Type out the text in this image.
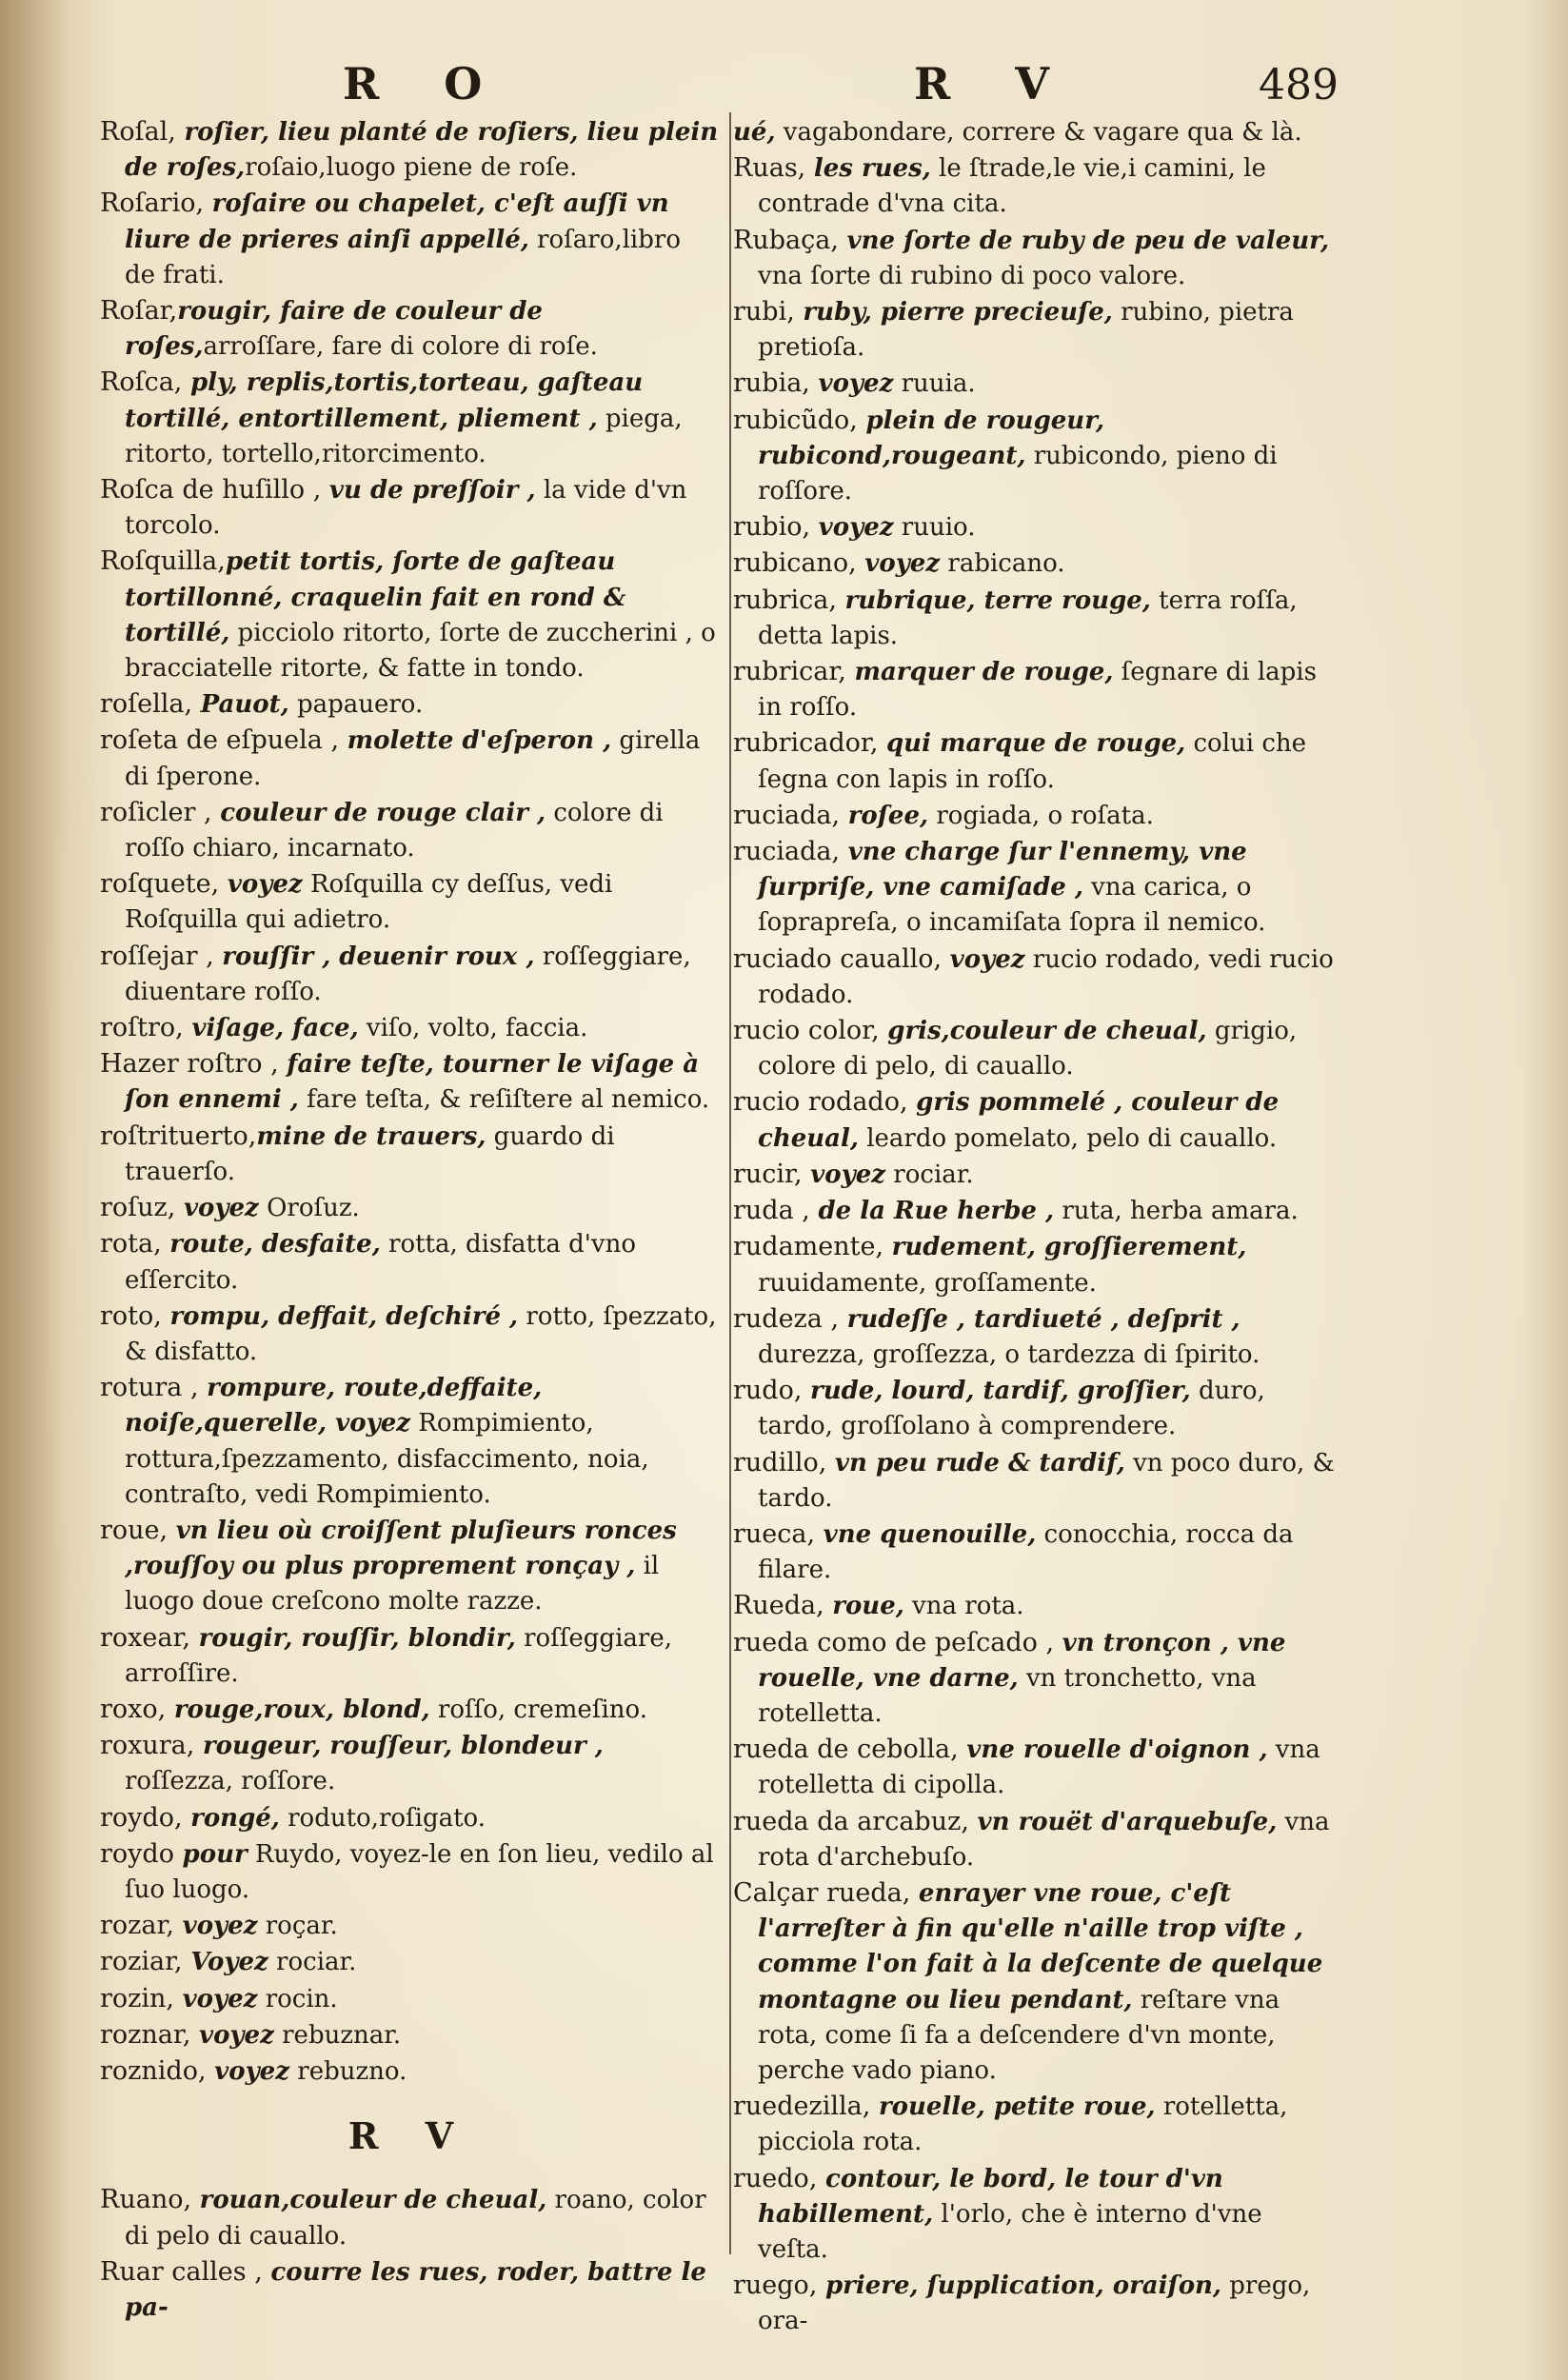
R O	R V	489

Roſal, roſier, lieu planté de roſiers, lieu plein de roſes,roſaio,luogo piene de roſe.

Roſario, roſaire ou chapelet, c'eſt auſſi vn liure de prieres ainſi appellé, roſaro,libro de frati.

Roſar,rougir, faire de couleur de roſes,arroſſare, fare di colore di roſe.

Roſca, ply, replis,tortis,torteau, gaſteau tortillé, entortillement, pliement , piega, ritorto, tortello,ritorcimento.

Roſca de huſillo , vu de preſſoir , la vide d'vn torcolo.

Roſquilla,petit tortis, ſorte de gaſteau tortillonné, craquelin fait en rond & tortillé, picciolo ritorto, ſorte de zuccherini , o bracciatelle ritorte, & fatte in tondo.

roſella, Pauot, papauero.

roſeta de eſpuela , molette d'eſperon , girella di ſperone.

roſicler , couleur de rouge clair , colore di roſſo chiaro, incarnato.

roſquete, voyez Roſquilla cy deſſus, vedi Roſquilla qui adietro.

roſſejar , rouſſir , deuenir roux , roſſeggiare, diuentare roſſo.

roſtro, viſage, face, viſo, volto, faccia.

Hazer roſtro , faire teſte, tourner le viſage à ſon ennemi , fare teſta, & reſiſtere al nemico.

roſtrituerto,mine de trauers, guardo di trauerſo.

roſuz, voyez Oroſuz.

rota, route, desfaite, rotta, disfatta d'vno eſſercito.

roto, rompu, deffait, deſchiré , rotto, ſpezzato, & disfatto.

rotura , rompure, route,deffaite, noiſe,querelle, voyez Rompimiento, rottura,ſpezzamento, disfaccimento, noia, contraſto, vedi Rompimiento.

roue, vn lieu où croiſſent pluſieurs ronces ,rouſſoy ou plus proprement ronçay , il luogo doue creſcono molte razze.

roxear, rougir, rouſſir, blondir, roſſeggiare, arroſſire.

roxo, rouge,roux, blond, roſſo, cremeſino.

roxura, rougeur, rouſſeur, blondeur , roſſezza, roſſore.

roydo, rongé, roduto,roſigato.

roydo pour Ruydo, voyez-le en ſon lieu, vedilo al ſuo luogo.

rozar, voyez roçar.

roziar, Voyez rociar.

rozin, voyez rocin.

roznar, voyez rebuznar.

roznido, voyez rebuzno.

R V

Ruano, rouan,couleur de cheual, roano, color di pelo di cauallo.

Ruar calles , courre les rues, roder, battre le pa-

ué, vagabondare, correre & vagare qua & là.

Ruas, les rues, le ſtrade,le vie,i camini, le contrade d'vna cita.

Rubaça, vne ſorte de ruby de peu de valeur, vna ſorte di rubino di poco valore.

rubi, ruby, pierre precieuſe, rubino, pietra pretioſa.

rubia, voyez ruuia.

rubicũdo, plein de rougeur, rubicond,rougeant, rubicondo, pieno di roſſore.

rubio, voyez ruuio.

rubicano, voyez rabicano.

rubrica, rubrique, terre rouge, terra roſſa, detta lapis.

rubricar, marquer de rouge, ſegnare di lapis in roſſo.

rubricador, qui marque de rouge, colui che ſegna con lapis in roſſo.

ruciada, roſee, rogiada, o roſata.

ruciada, vne charge ſur l'ennemy, vne ſurpriſe, vne camiſade , vna carica, o ſoprapreſa, o incamiſata ſopra il nemico.

ruciado cauallo, voyez rucio rodado, vedi rucio rodado.

rucio color, gris,couleur de cheual, grigio, colore di pelo, di cauallo.

rucio rodado, gris pommelé , couleur de cheual, leardo pomelato, pelo di cauallo.

rucir, voyez rociar.

ruda , de la Rue herbe , ruta, herba amara.

rudamente, rudement, groſſierement, ruuidamente, groſſamente.

rudeza , rudeſſe , tardiueté , deſprit , durezza, groſſezza, o tardezza di ſpirito.

rudo, rude, lourd, tardif, groſſier, duro, tardo, groſſolano à comprendere.

rudillo, vn peu rude & tardif, vn poco duro, & tardo.

rueca, vne quenouille, conocchia, rocca da filare.

Rueda, roue, vna rota.

rueda como de peſcado , vn tronçon , vne rouelle, vne darne, vn tronchetto, vna rotelletta.

rueda de cebolla, vne rouelle d'oignon , vna rotelletta di cipolla.

rueda da arcabuz, vn rouët d'arquebuſe, vna rota d'archebuſo.

Calçar rueda, enrayer vne roue, c'eſt l'arreſter à fin qu'elle n'aille trop viſte , comme l'on fait à la deſcente de quelque montagne ou lieu pendant, reſtare vna rota, come ſi fa a deſcendere d'vn monte, perche vado piano.

ruedezilla, rouelle, petite roue, rotelletta, picciola rota.

ruedo, contour, le bord, le tour d'vn habillement, l'orlo, che è interno d'vne veſta.

ruego, priere, ſupplication, oraiſon, prego, ora-
